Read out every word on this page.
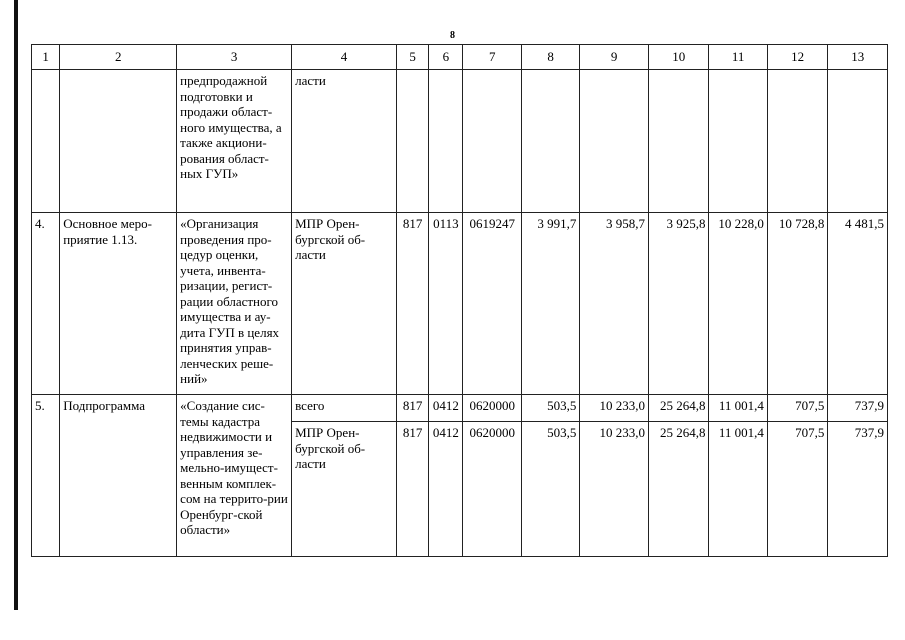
8
1	2	3	4	5	6	7	8	9	10	11	12	13
		предпродажной подготовки и продажи област-ного имущества, а также акциони-рования област-ных ГУП»	ласти									
4.	Основное меро-приятие 1.13.	«Организация проведения про-цедур оценки, учета, инвента-ризации, регист-рации областного имущества и ау-дита ГУП в целях принятия управ-ленческих реше-ний»	МПР Орен-бургской об-ласти	817	0113	0619247	3 991,7	3 958,7	3 925,8	10 228,0	10 728,8	4 481,5
5.	Подпрограмма	«Создание сис-темы кадастра недвижимости и управления зе-мельно-имущест-венным комплек-сом на террито-рии Оренбург-ской области»	всего	817	0412	0620000	503,5	10 233,0	25 264,8	11 001,4	707,5	737,9
			МПР Орен-бургской об-ласти	817	0412	0620000	503,5	10 233,0	25 264,8	11 001,4	707,5	737,9
